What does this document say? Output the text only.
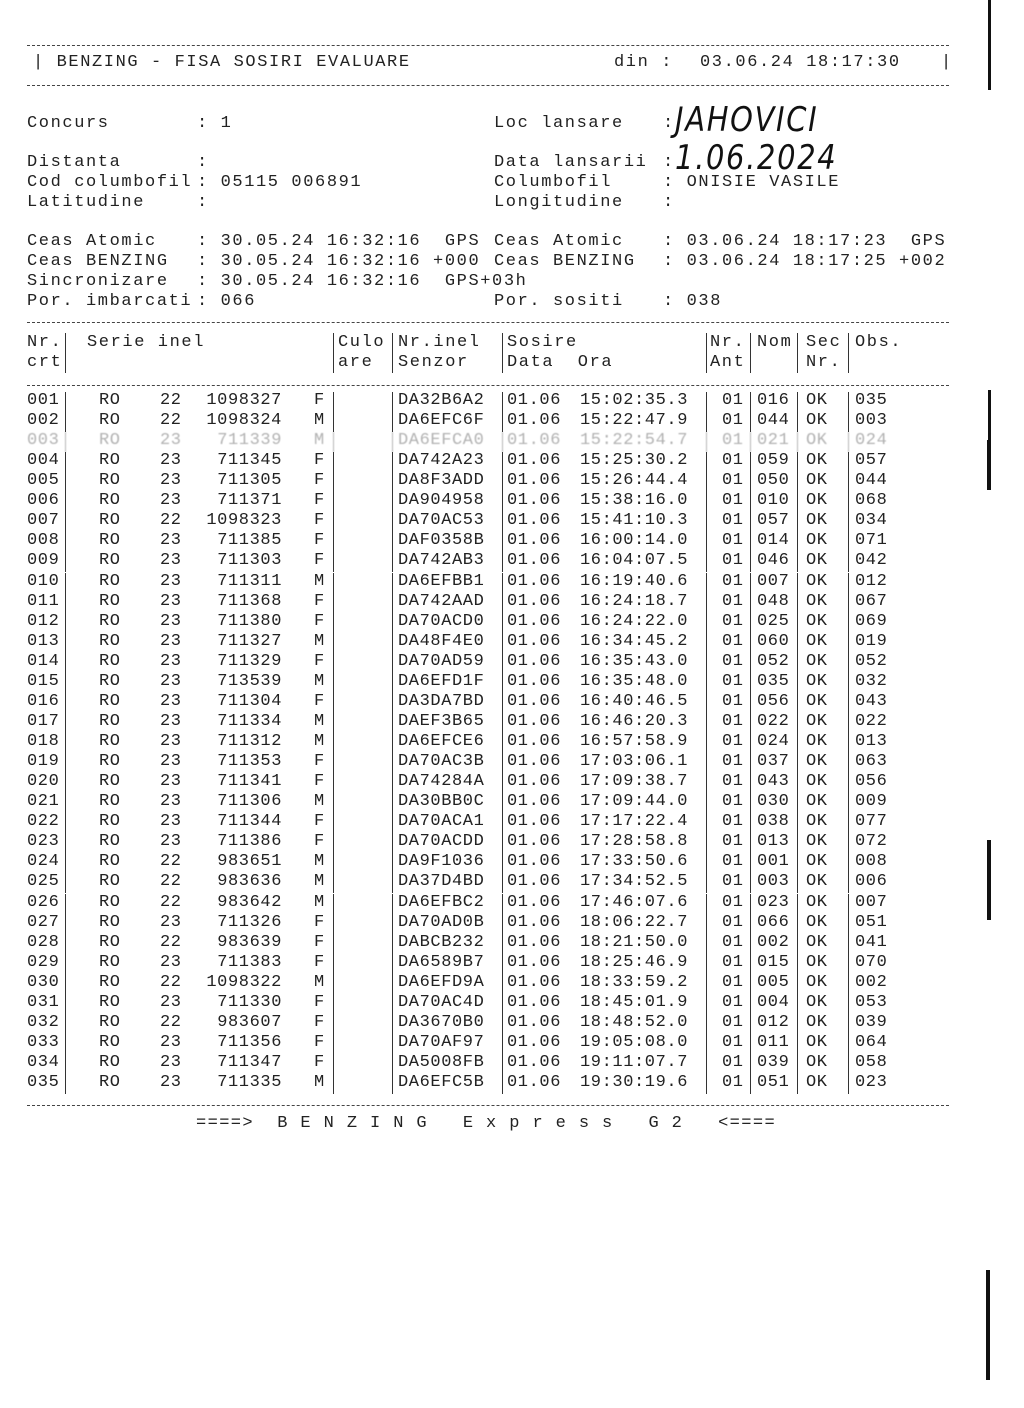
| BENZING - FISA SOSIRI EVALUARE	din : 03.06.24 18:17:30 |
Concurs	: 1	Loc lansare : JAHOVICI
Distanta	:	Data lansarii : 1.06.2024
Cod columbofil : 05115 006891	Columbofil	: ONISIE VASILE
Latitudine	:	Longitudine :
Ceas Atomic : 30.05.24 16:32:16  GPS Ceas Atomic : 03.06.24 18:17:23  GPS
Ceas BENZING : 30.05.24 16:32:16 +000 Ceas BENZING : 03.06.24 18:17:25 +002
Sincronizare : 30.05.24 16:32:16  GPS+03h
Por. imbarcati : 066	Por. sositi : 038
Nr.
crt
Serie inel	Culo
are
Nr.inel
Senzor
Sosire
Data  Ora
Nr.
Ant
Nom Sec
Nr.
Obs.
001 RO 22	1098327 F	DA32B6A2 01.06 15:02:35.3 01 016 OK 035
002 RO 22	1098324 M	DA6EFC6F 01.06 15:22:47.9 01 044 OK 003
003 RO 23	711339 M	DA6EFCA0 01.06 15:22:54.7 01 021 OK 024
004 RO 23	711345 F	DA742A23 01.06 15:25:30.2 01 059 OK 057
005 RO 23	711305 F	DA8F3ADD 01.06 15:26:44.4 01 050 OK 044
006 RO 23	711371 F	DA904958 01.06 15:38:16.0 01 010 OK 068
007 RO 22	1098323 F	DA70AC53 01.06 15:41:10.3 01 057 OK 034
008 RO 23	711385 F	DAF0358B 01.06 16:00:14.0 01 014 OK 071
009 RO 23	711303 F	DA742AB3 01.06 16:04:07.5 01 046 OK 042
010 RO 23	711311 M	DA6EFBB1 01.06 16:19:40.6 01 007 OK 012
011 RO 23	711368 F	DA742AAD 01.06 16:24:18.7 01 048 OK 067
012 RO 23	711380 F	DA70ACD0 01.06 16:24:22.0 01 025 OK 069
013 RO 23	711327 M	DA48F4E0 01.06 16:34:45.2 01 060 OK 019
014 RO 23	711329 F	DA70AD59 01.06 16:35:43.0 01 052 OK 052
015 RO 23	713539 M	DA6EFD1F 01.06 16:35:48.0 01 035 OK 032
016 RO 23	711304 F	DA3DA7BD 01.06 16:40:46.5 01 056 OK 043
017 RO 23	711334 M	DAEF3B65 01.06 16:46:20.3 01 022 OK 022
018 RO 23	711312 M	DA6EFCE6 01.06 16:57:58.9 01 024 OK 013
019 RO 23	711353 F	DA70AC3B 01.06 17:03:06.1 01 037 OK 063
020 RO 23	711341 F	DA74284A 01.06 17:09:38.7 01 043 OK 056
021 RO 23	711306 M	DA30BB0C 01.06 17:09:44.0 01 030 OK 009
022 RO 23	711344 F	DA70ACA1 01.06 17:17:22.4 01 038 OK 077
023 RO 23	711386 F	DA70ACDD 01.06 17:28:58.8 01 013 OK 072
024 RO 22	983651 M	DA9F1036 01.06 17:33:50.6 01 001 OK 008
025 RO 22	983636 M	DA37D4BD 01.06 17:34:52.5 01 003 OK 006
026 RO 22	983642 M	DA6EFBC2 01.06 17:46:07.6 01 023 OK 007
027 RO 23	711326 F	DA70AD0B 01.06 18:06:22.7 01 066 OK 051
028 RO 22	983639 F	DABCB232 01.06 18:21:50.0 01 002 OK 041
029 RO 23	711383 F	DA6589B7 01.06 18:25:46.9 01 015 OK 070
030 RO 22	1098322 M	DA6EFD9A 01.06 18:33:59.2 01 005 OK 002
031 RO 23	711330 F	DA70AC4D 01.06 18:45:01.9 01 004 OK 053
032 RO 22	983607 F	DA3670B0 01.06 18:48:52.0 01 012 OK 039
033 RO 23	711356 F	DA70AF97 01.06 19:05:08.0 01 011 OK 064
034 RO 23	711347 F	DA5008FB 01.06 19:11:07.7 01 039 OK 058
035 RO 23	711335 M	DA6EFC5B 01.06 19:30:19.6 01 051 OK 023
====>  B E N Z I N G   E x p r e s s   G 2   <====
